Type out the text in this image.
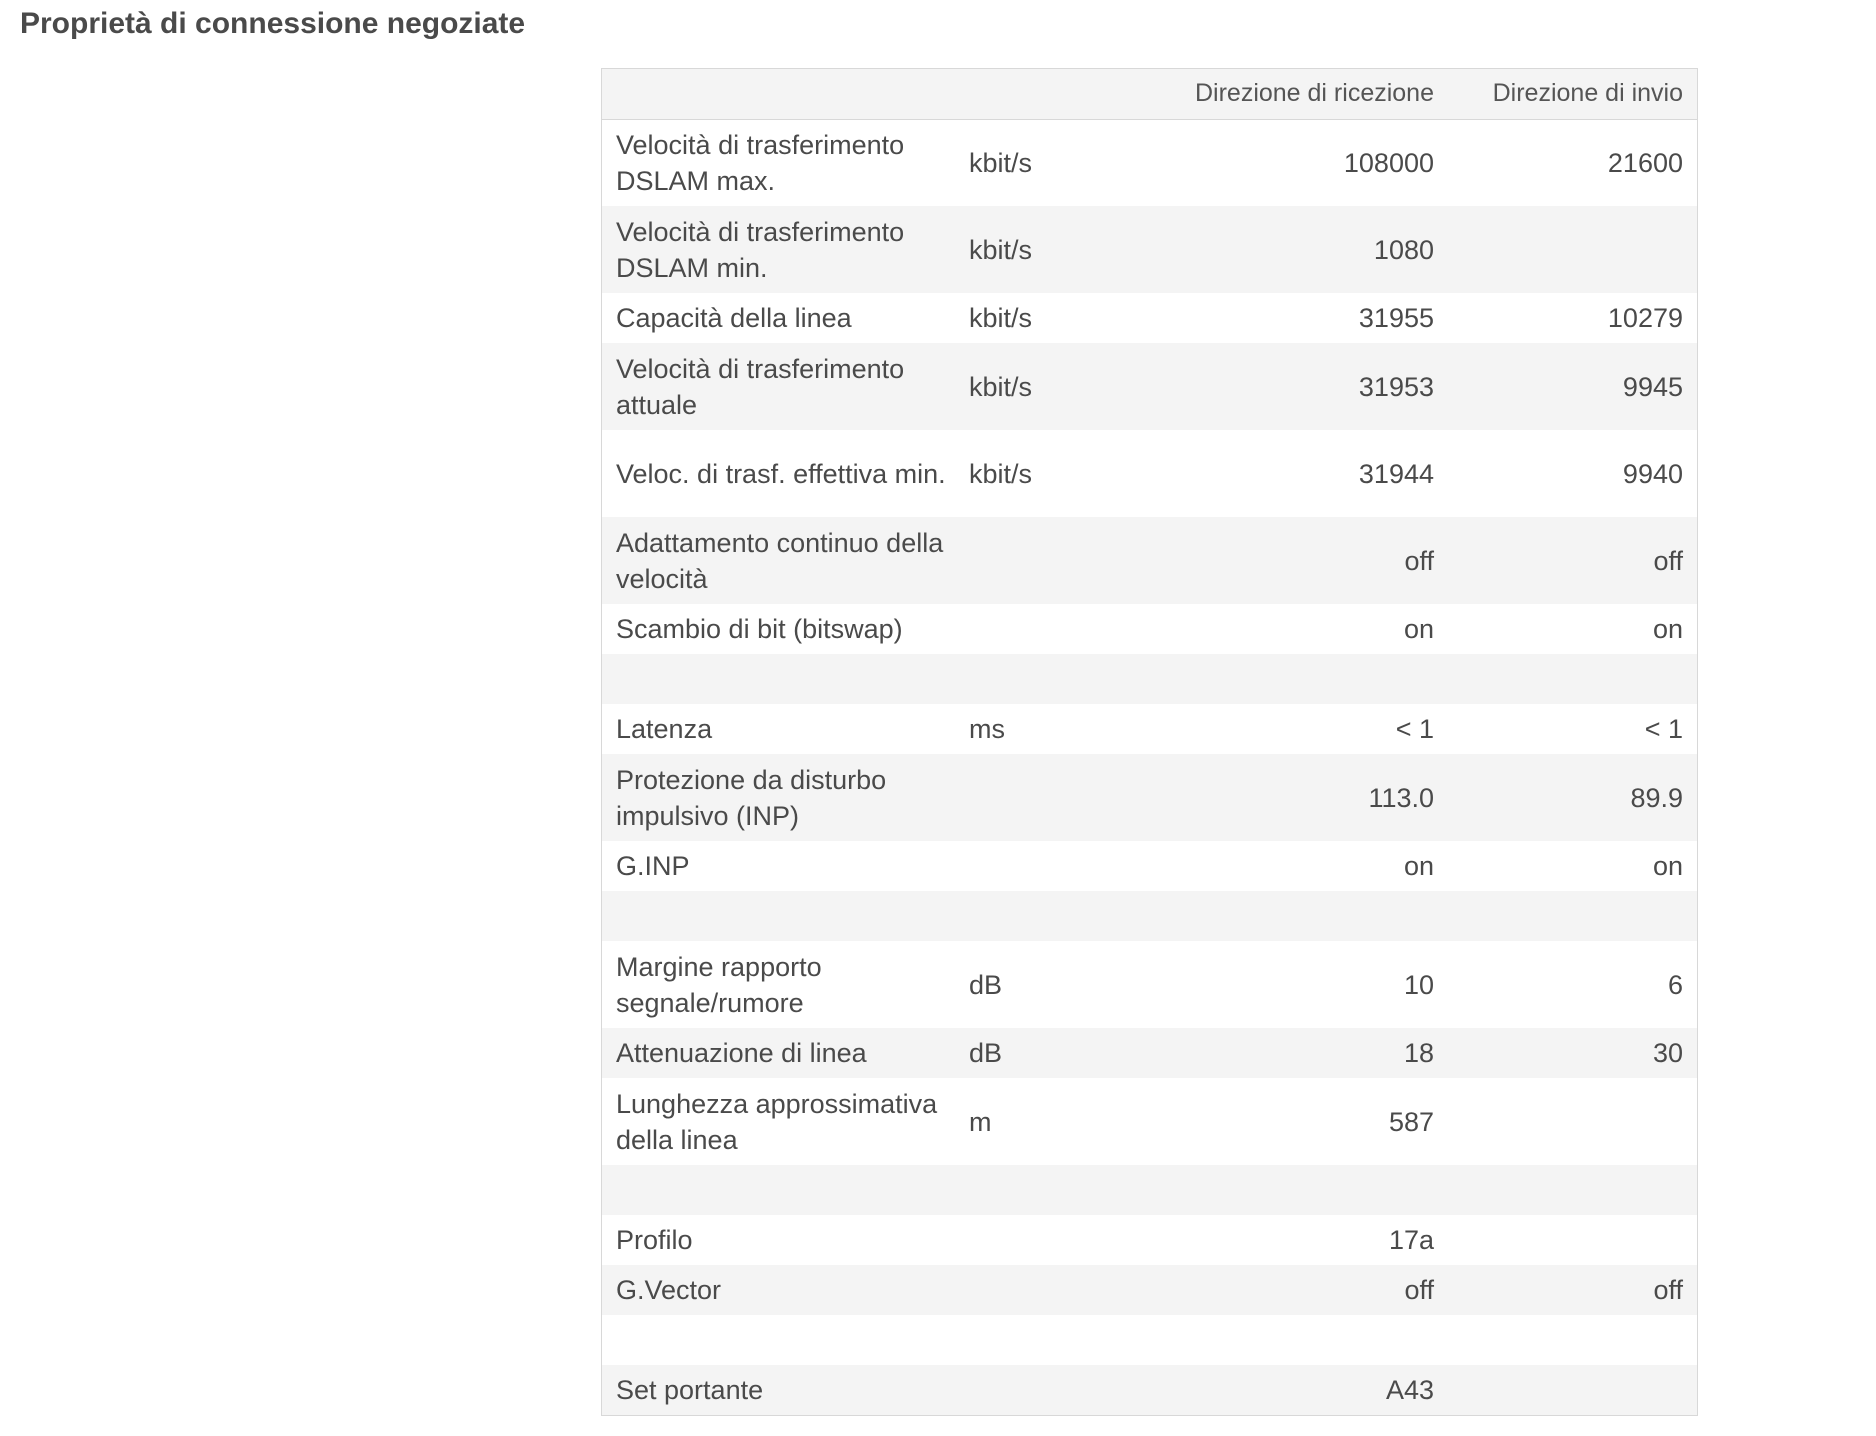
Proprietà di connessione negoziate
		Direzione di ricezione	Direzione di invio
Velocità di trasferimento DSLAM max.	kbit/s	108000	21600
Velocità di trasferimento DSLAM min.	kbit/s	1080	
Capacità della linea	kbit/s	31955	10279
Velocità di trasferimento attuale	kbit/s	31953	9945
Veloc. di trasf. effettiva min.	kbit/s	31944	9940
Adattamento continuo della velocità		off	off
Scambio di bit (bitswap)		on	on

Latenza	ms	< 1	< 1
Protezione da disturbo impulsivo (INP)		113.0	89.9
G.INP		on	on

Margine rapporto segnale/rumore	dB	10	6
Attenuazione di linea	dB	18	30
Lunghezza approssimativa della linea	m	587	

Profilo		17a	
G.Vector		off	off

Set portante		A43	
